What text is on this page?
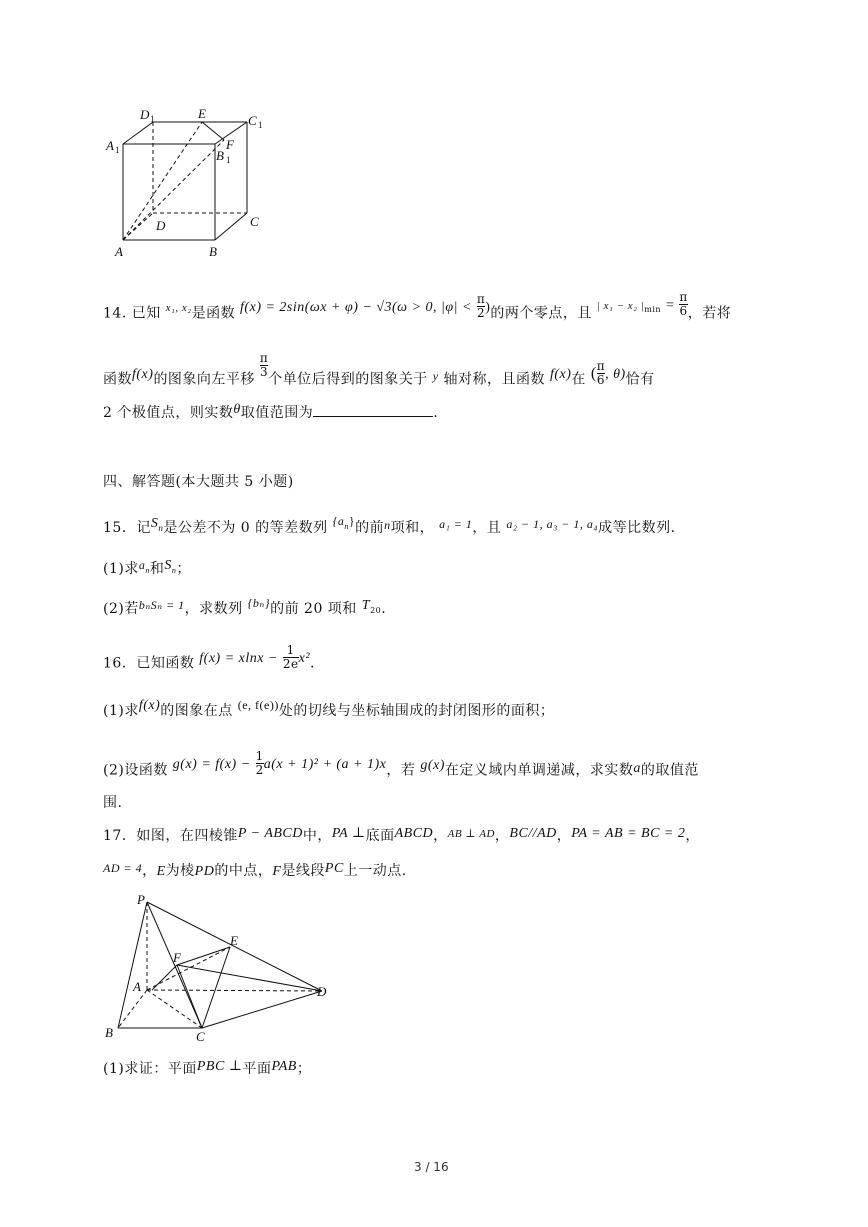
D 1	E	C 1
A 1	B 1
F
C
D
A	B
14. 已知 $^{x_1, x_2}$是函数 f(x) = 2sin(ωx + φ) − √3(ω > 0, $|\varphi| < \frac{\pi}{2}$ )的两个零点，且 $^{| x_1 - x_2 |}_{min} = \frac{\pi}{6}$ ，若将
函数f(x)的图象向左平移
$\frac{\pi}{3}$
个单位后得到的图象关于 y 轴对称，且函数 f(x)在 ( $\frac{\pi}{6}$ , θ)恰有
2 个极值点，则实数θ取值范围为	.
四、解答题(本大题共 5 小题)
15．记$S_n$是公差不为 0 的等差数列 $\{a_n\}$的前n项和， a₁ = 1，且 a₂ − 1, a₃ − 1, a₄成等比数列.
(1)求$a_n$和$S_n$；
(2)若bₙSₙ = 1，求数列 {bₙ}的前 20 项和 $T_{20}$.
16．已知函数 $f(x) = xlnx - \frac{1}{2e} x^2$.
(1)求f(x)的图象在点 (e, f(e))处的切线与坐标轴围成的封闭图形的面积；
(2)设函数 $g(x) = f(x) - \frac{1}{2} a(x + 1)^2 + (a + 1)x$，若 g(x)在定义域内单调递减，求实数a的取值范
围.
17．如图，在四棱锥P − ABCD中，PA ⊥底面ABCD，$^{AB \perp AD}$，BC//AD，PA = AB = BC = 2，
AD = 4，E为棱PD的中点，F是线段PC上一动点.
P
E
F
A	D
B	C
(1)求证：平面PBC ⊥平面PAB；
3 / 16
